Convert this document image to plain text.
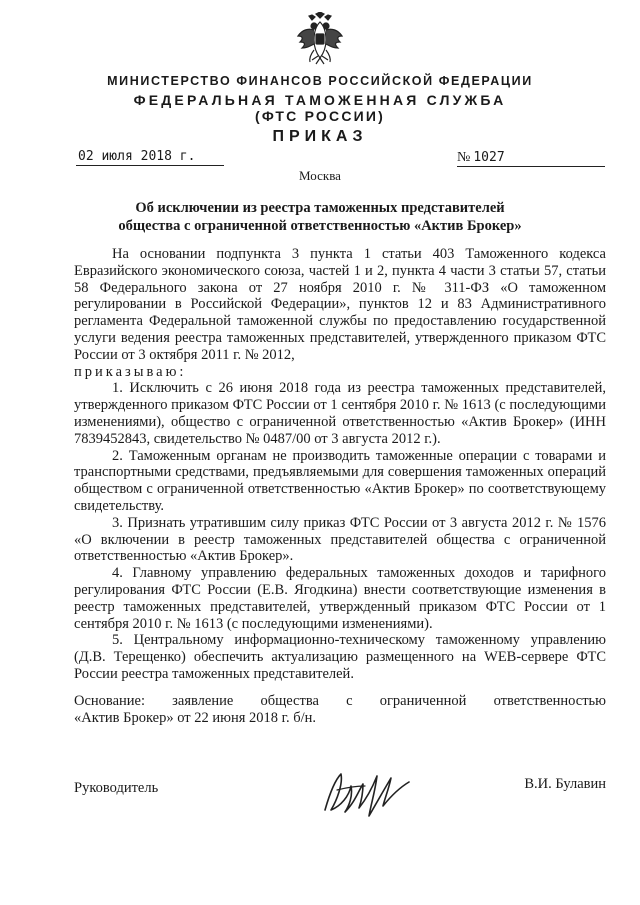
МИНИСТЕРСТВО ФИНАНСОВ РОССИЙСКОЙ ФЕДЕРАЦИИ
ФЕДЕРАЛЬНАЯ ТАМОЖЕННАЯ СЛУЖБА
(ФТС РОССИИ)
ПРИКАЗ
02 июля 2018 г.	№ 1027
Москва
Об исключении из реестра таможенных представителей
общества с ограниченной ответственностью «Актив Брокер»

На основании подпункта 3 пункта 1 статьи 403 Таможенного кодекса Евразийского экономического союза, частей 1 и 2, пункта 4 части 3 статьи 57, статьи 58 Федерального закона от 27 ноября 2010 г. № 311-ФЗ «О таможенном регулировании в Российской Федерации», пунктов 12 и 83 Административного регламента Федеральной таможенной службы по предоставлению государственной услуги ведения реестра таможенных представителей, утвержденного приказом ФТС России от 3 октября 2011 г. № 2012,

приказываю:

1. Исключить с 26 июня 2018 года из реестра таможенных представителей, утвержденного приказом ФТС России от 1 сентября 2010 г. № 1613 (с последующими изменениями), общество с ограниченной ответственностью «Актив Брокер» (ИНН 7839452843, свидетельство № 0487/00 от 3 августа 2012 г.).

2. Таможенным органам не производить таможенные операции с товарами и транспортными средствами, предъявляемыми для совершения таможенных операций обществом с ограниченной ответственностью «Актив Брокер» по соответствующему свидетельству.

3. Признать утратившим силу приказ ФТС России от 3 августа 2012 г. № 1576 «О включении в реестр таможенных представителей общества с ограниченной ответственностью «Актив Брокер».

4. Главному управлению федеральных таможенных доходов и тарифного регулирования ФТС России (Е.В. Ягодкина) внести соответствующие изменения в реестр таможенных представителей, утвержденный приказом ФТС России от 1 сентября 2010 г. № 1613 (с последующими изменениями).

5. Центральному информационно-техническому таможенному управлению (Д.В. Терещенко) обеспечить актуализацию размещенного на WEB-сервере ФТС России реестра таможенных представителей.

Основание: заявление общества с ограниченной ответственностью

«Актив Брокер» от 22 июня 2018 г. б/н.

Руководитель	В.И. Булавин
